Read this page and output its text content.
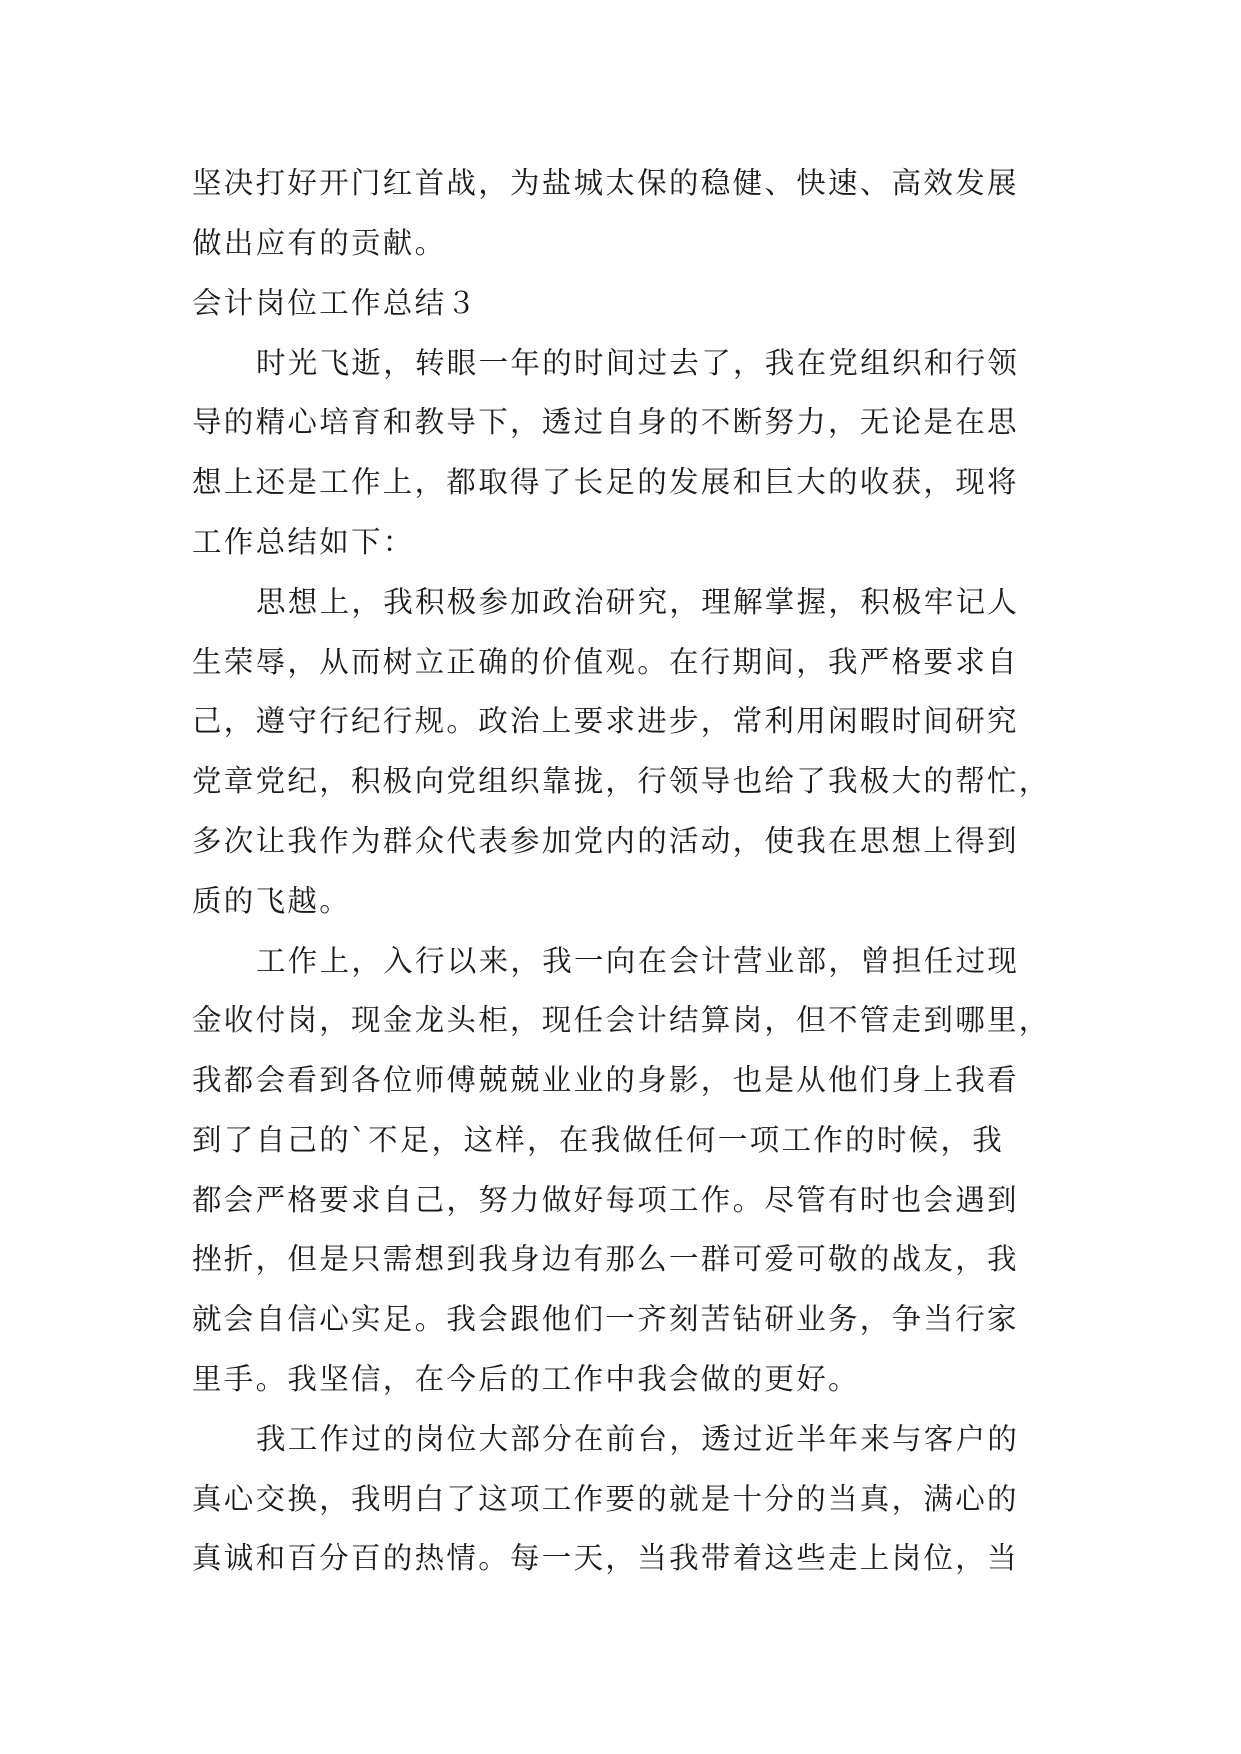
坚决打好开门红首战，为盐城太保的稳健、快速、高效发展
做出应有的贡献。
会计岗位工作总结３
时光飞逝，转眼一年的时间过去了，我在党组织和行领
导的精心培育和教导下，透过自身的不断努力，无论是在思
想上还是工作上，都取得了长足的发展和巨大的收获，现将
工作总结如下：
思想上，我积极参加政治研究，理解掌握，积极牢记人
生荣辱，从而树立正确的价值观。在行期间，我严格要求自
己，遵守行纪行规。政治上要求进步，常利用闲暇时间研究
党章党纪，积极向党组织靠拢，行领导也给了我极大的帮忙，
多次让我作为群众代表参加党内的活动，使我在思想上得到
质的飞越。
工作上，入行以来，我一向在会计营业部，曾担任过现
金收付岗，现金龙头柜，现任会计结算岗，但不管走到哪里，
我都会看到各位师傅兢兢业业的身影，也是从他们身上我看
到了自己的`不足，这样，在我做任何一项工作的时候，我
都会严格要求自己，努力做好每项工作。尽管有时也会遇到
挫折，但是只需想到我身边有那么一群可爱可敬的战友，我
就会自信心实足。我会跟他们一齐刻苦钻研业务，争当行家
里手。我坚信，在今后的工作中我会做的更好。
我工作过的岗位大部分在前台，透过近半年来与客户的
真心交换，我明白了这项工作要的就是十分的当真，满心的
真诚和百分百的热情。每一天，当我带着这些走上岗位，当
